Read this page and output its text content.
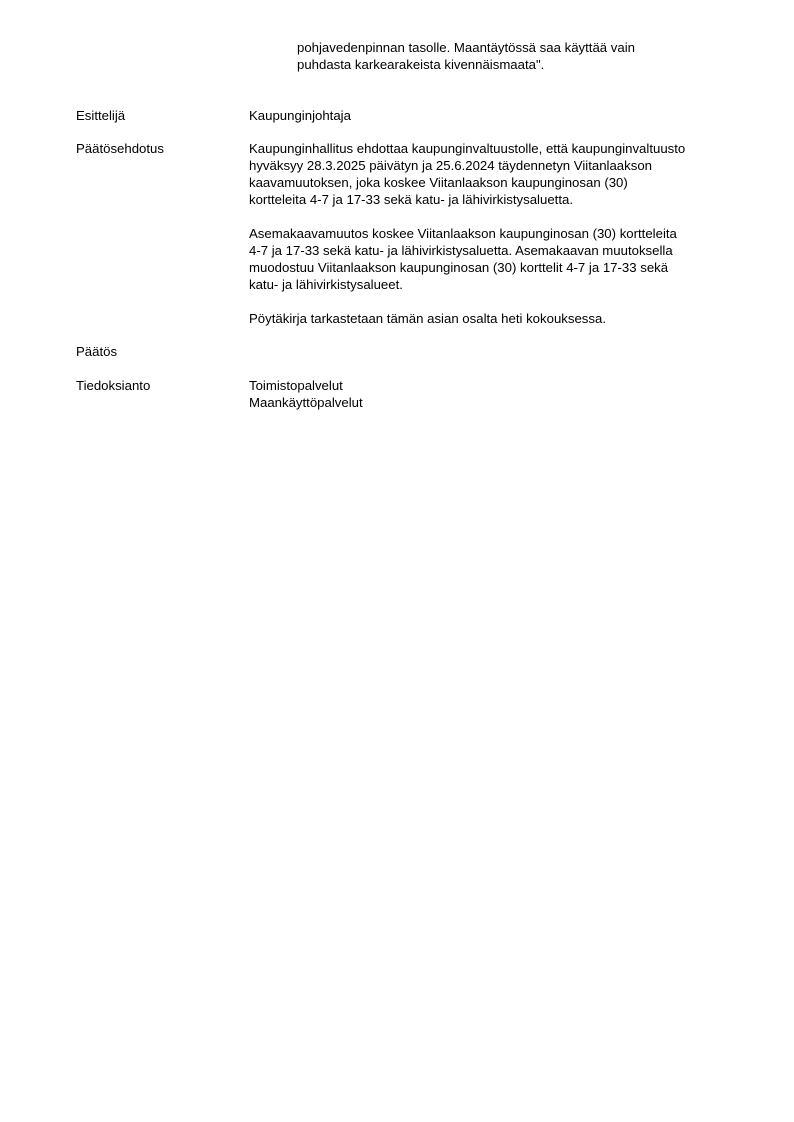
pohjavedenpinnan tasolle. Maantäytössä saa käyttää vain

puhdasta karkearakeista kivennäismaata".

Esittelijä	Kaupunginjohtaja
Päätösehdotus	Kaupunginhallitus ehdottaa kaupunginvaltuustolle, että kaupunginvaltuusto

hyväksyy 28.3.2025 päivätyn ja 25.6.2024 täydennetyn Viitanlaakson

kaavamuutoksen, joka koskee Viitanlaakson kaupunginosan (30)

kortteleita 4-7 ja 17-33 sekä katu- ja lähivirkistysaluetta.

Asemakaavamuutos koskee Viitanlaakson kaupunginosan (30) kortteleita

4-7 ja 17-33 sekä katu- ja lähivirkistysaluetta. Asemakaavan muutoksella

muodostuu Viitanlaakson kaupunginosan (30) korttelit 4-7 ja 17-33 sekä

katu- ja lähivirkistysalueet.

Pöytäkirja tarkastetaan tämän asian osalta heti kokouksessa.

Päätös
Tiedoksianto	Toimistopalvelut

Maankäyttöpalvelut
